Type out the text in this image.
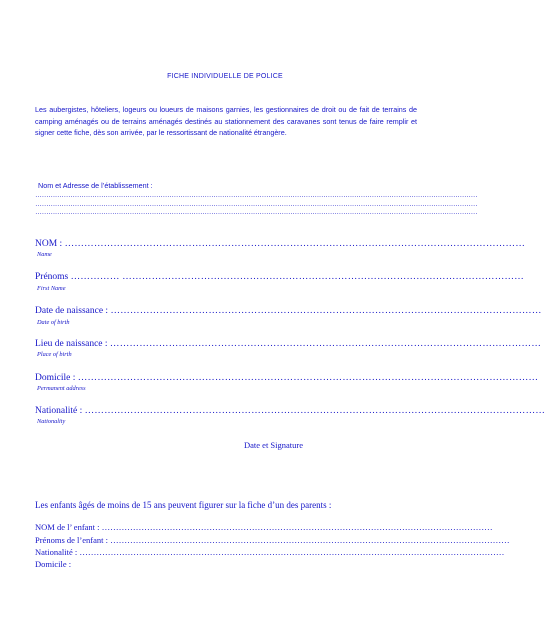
FICHE INDIVIDUELLE DE POLICE
Les aubergistes, hôteliers, logeurs ou loueurs de maisons garnies, les gestionnaires de droit ou de fait de terrains de camping aménagés ou de terrains aménagés destinés au stationnement des caravanes sont tenus de faire remplir et signer cette fiche, dès son arrivée, par le ressortissant de nationalité étrangère.
Nom et Adresse de l’établissement :
…………………………………………………………………………………………………………………………………………………………………………………
…………………………………………………………………………………………………………………………………………………………………………………
…………………………………………………………………………………………………………………………………………………………………………………
NOM : ……………………………………………………………………………………………………………………………
Name
Prénoms …………… ……………………………………………………………………………………………………………
First Name
Date de naissance : ……………………………………………………………………………………………………………………
Date of birth
Lieu de naissance : ……………………………………………………………………………………………………………………
Place of birth
Domicile : ……………………………………………………………………………………………………………………………
Permanent address
Nationalité : ……………………………………………………………………………………………………………………………
Nationality
Date et Signature
Les enfants âgés de moins de 15 ans peuvent figurer sur la fiche d’un des parents :
NOM de l’ enfant : …………………………………………………………………………………………………………………………
Prénoms de l’enfant : ……………………………………………………………………………………………………………………………
Nationalité : ……………………………………………………………………………………………………………………………………
Domicile :
